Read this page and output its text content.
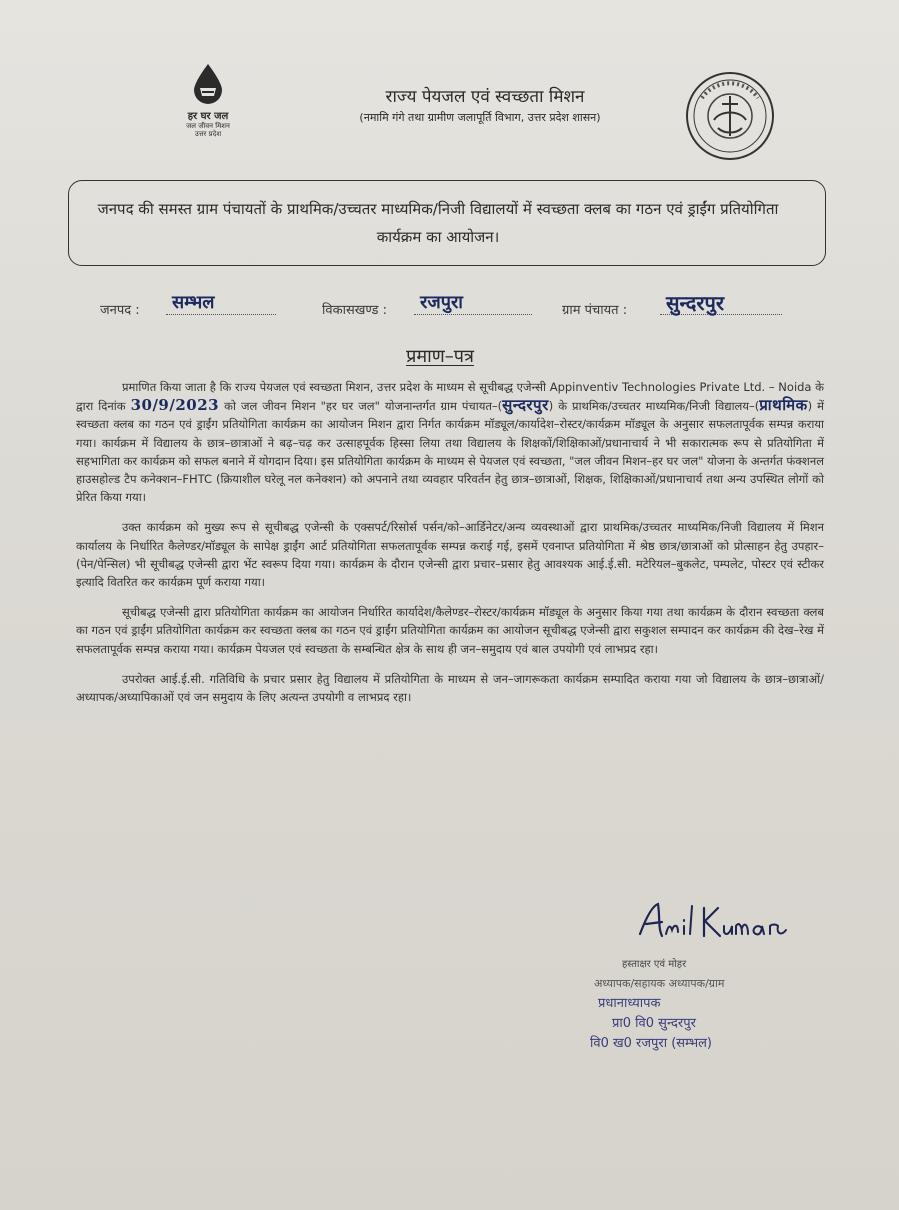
हर घर जल
जल जीवन मिशन
उत्तर प्रदेश
राज्य पेयजल एवं स्वच्छता मिशन
(नमामि गंगे तथा ग्रामीण जलापूर्ति विभाग, उत्तर प्रदेश शासन)
जनपद की समस्त ग्राम पंचायतों के प्राथमिक/उच्चतर माध्यमिक/निजी विद्यालयों में स्वच्छता क्लब का गठन एवं ड्राईंग प्रतियोगिता कार्यक्रम का आयोजन।
जनपद :	सम्भल	विकासखण्ड :	रजपुरा	ग्राम पंचायत :	सुन्दरपुर
प्रमाण–पत्र

प्रमाणित किया जाता है कि राज्य पेयजल एवं स्वच्छता मिशन, उत्तर प्रदेश के माध्यम से सूचीबद्ध एजेन्सी Appinventiv Technologies Private Ltd. – Noida के द्वारा दिनांक 30/9/2023 को जल जीवन मिशन "हर घर जल" योजनान्तर्गत ग्राम पंचायत–(सुन्दरपुर) के प्राथमिक/उच्चतर माध्यमिक/निजी विद्यालय–(प्राथमिक) में स्वच्छता क्लब का गठन एवं ड्राईंग प्रतियोगिता कार्यक्रम का आयोजन मिशन द्वारा निर्गत कार्यक्रम मॉड्यूल/कार्यादेश–रोस्टर/कार्यक्रम मॉड्यूल के अनुसार सफलतापूर्वक सम्पन्न कराया गया। कार्यक्रम में विद्यालय के छात्र–छात्राओं ने बढ़–चढ़ कर उत्साहपूर्वक हिस्सा लिया तथा विद्यालय के शिक्षकों/शिक्षिकाओं/प्रधानाचार्य ने भी सकारात्मक रूप से प्रतियोगिता में सहभागिता कर कार्यक्रम को सफल बनाने में योगदान दिया। इस प्रतियोगिता कार्यक्रम के माध्यम से पेयजल एवं स्वच्छता, "जल जीवन मिशन–हर घर जल" योजना के अन्तर्गत फंक्शनल हाउसहोल्ड टैप कनेक्शन–FHTC (क्रियाशील घरेलू नल कनेक्शन) को अपनाने तथा व्यवहार परिवर्तन हेतु छात्र–छात्राओं, शिक्षक, शिक्षिकाओं/प्रधानाचार्य तथा अन्य उपस्थित लोगों को प्रेरित किया गया।

उक्त कार्यक्रम को मुख्य रूप से सूचीबद्ध एजेन्सी के एक्सपर्ट/रिसोर्स पर्सन/को–आर्डिनेटर/अन्य व्यवस्थाओं द्वारा प्राथमिक/उच्चतर माध्यमिक/निजी विद्यालय में मिशन कार्यालय के निर्धारित कैलेण्डर/मॉड्यूल के सापेक्ष ड्राईंग आर्ट प्रतियोगिता सफलतापूर्वक सम्पन्न कराई गई, इसमें एवनाप्त प्रतियोगिता में श्रेष्ठ छात्र/छात्राओं को प्रोत्साहन हेतु उपहार–(पेन/पेन्सिल) भी सूचीबद्ध एजेन्सी द्वारा भेंट स्वरूप दिया गया। कार्यक्रम के दौरान एजेन्सी द्वारा प्रचार–प्रसार हेतु आवश्यक आई.ई.सी. मटेरियल–बुकलेट, पम्पलेट, पोस्टर एवं स्टीकर इत्यादि वितरित कर कार्यक्रम पूर्ण कराया गया।

सूचीबद्ध एजेन्सी द्वारा प्रतियोगिता कार्यक्रम का आयोजन निर्धारित कार्यादेश/कैलेण्डर–रोस्टर/कार्यक्रम मॉड्यूल के अनुसार किया गया तथा कार्यक्रम के दौरान स्वच्छता क्लब का गठन एवं ड्राईंग प्रतियोगिता कार्यक्रम कर स्वच्छता क्लब का गठन एवं ड्राईंग प्रतियोगिता कार्यक्रम का आयोजन सूचीबद्ध एजेन्सी द्वारा सकुशल सम्पादन कर कार्यक्रम की देख–रेख में सफलतापूर्वक सम्पन्न कराया गया। कार्यक्रम पेयजल एवं स्वच्छता के सम्बन्धित क्षेत्र के साथ ही जन–समुदाय एवं बाल उपयोगी एवं लाभप्रद रहा।

उपरोक्त आई.ई.सी. गतिविधि के प्रचार प्रसार हेतु विद्यालय में प्रतियोगिता के माध्यम से जन–जागरूकता कार्यक्रम सम्पादित कराया गया जो विद्यालय के छात्र–छात्राओं/अध्यापक/अध्यापिकाओं एवं जन समुदाय के लिए अत्यन्त उपयोगी व लाभप्रद रहा।

हस्ताक्षर एवं मोहर
अध्यापक/सहायक अध्यापक/ग्राम
प्रधानाध्यापक
प्रा0 वि0 सुन्दरपुर
वि0 ख0 रजपुरा (सम्भल)
